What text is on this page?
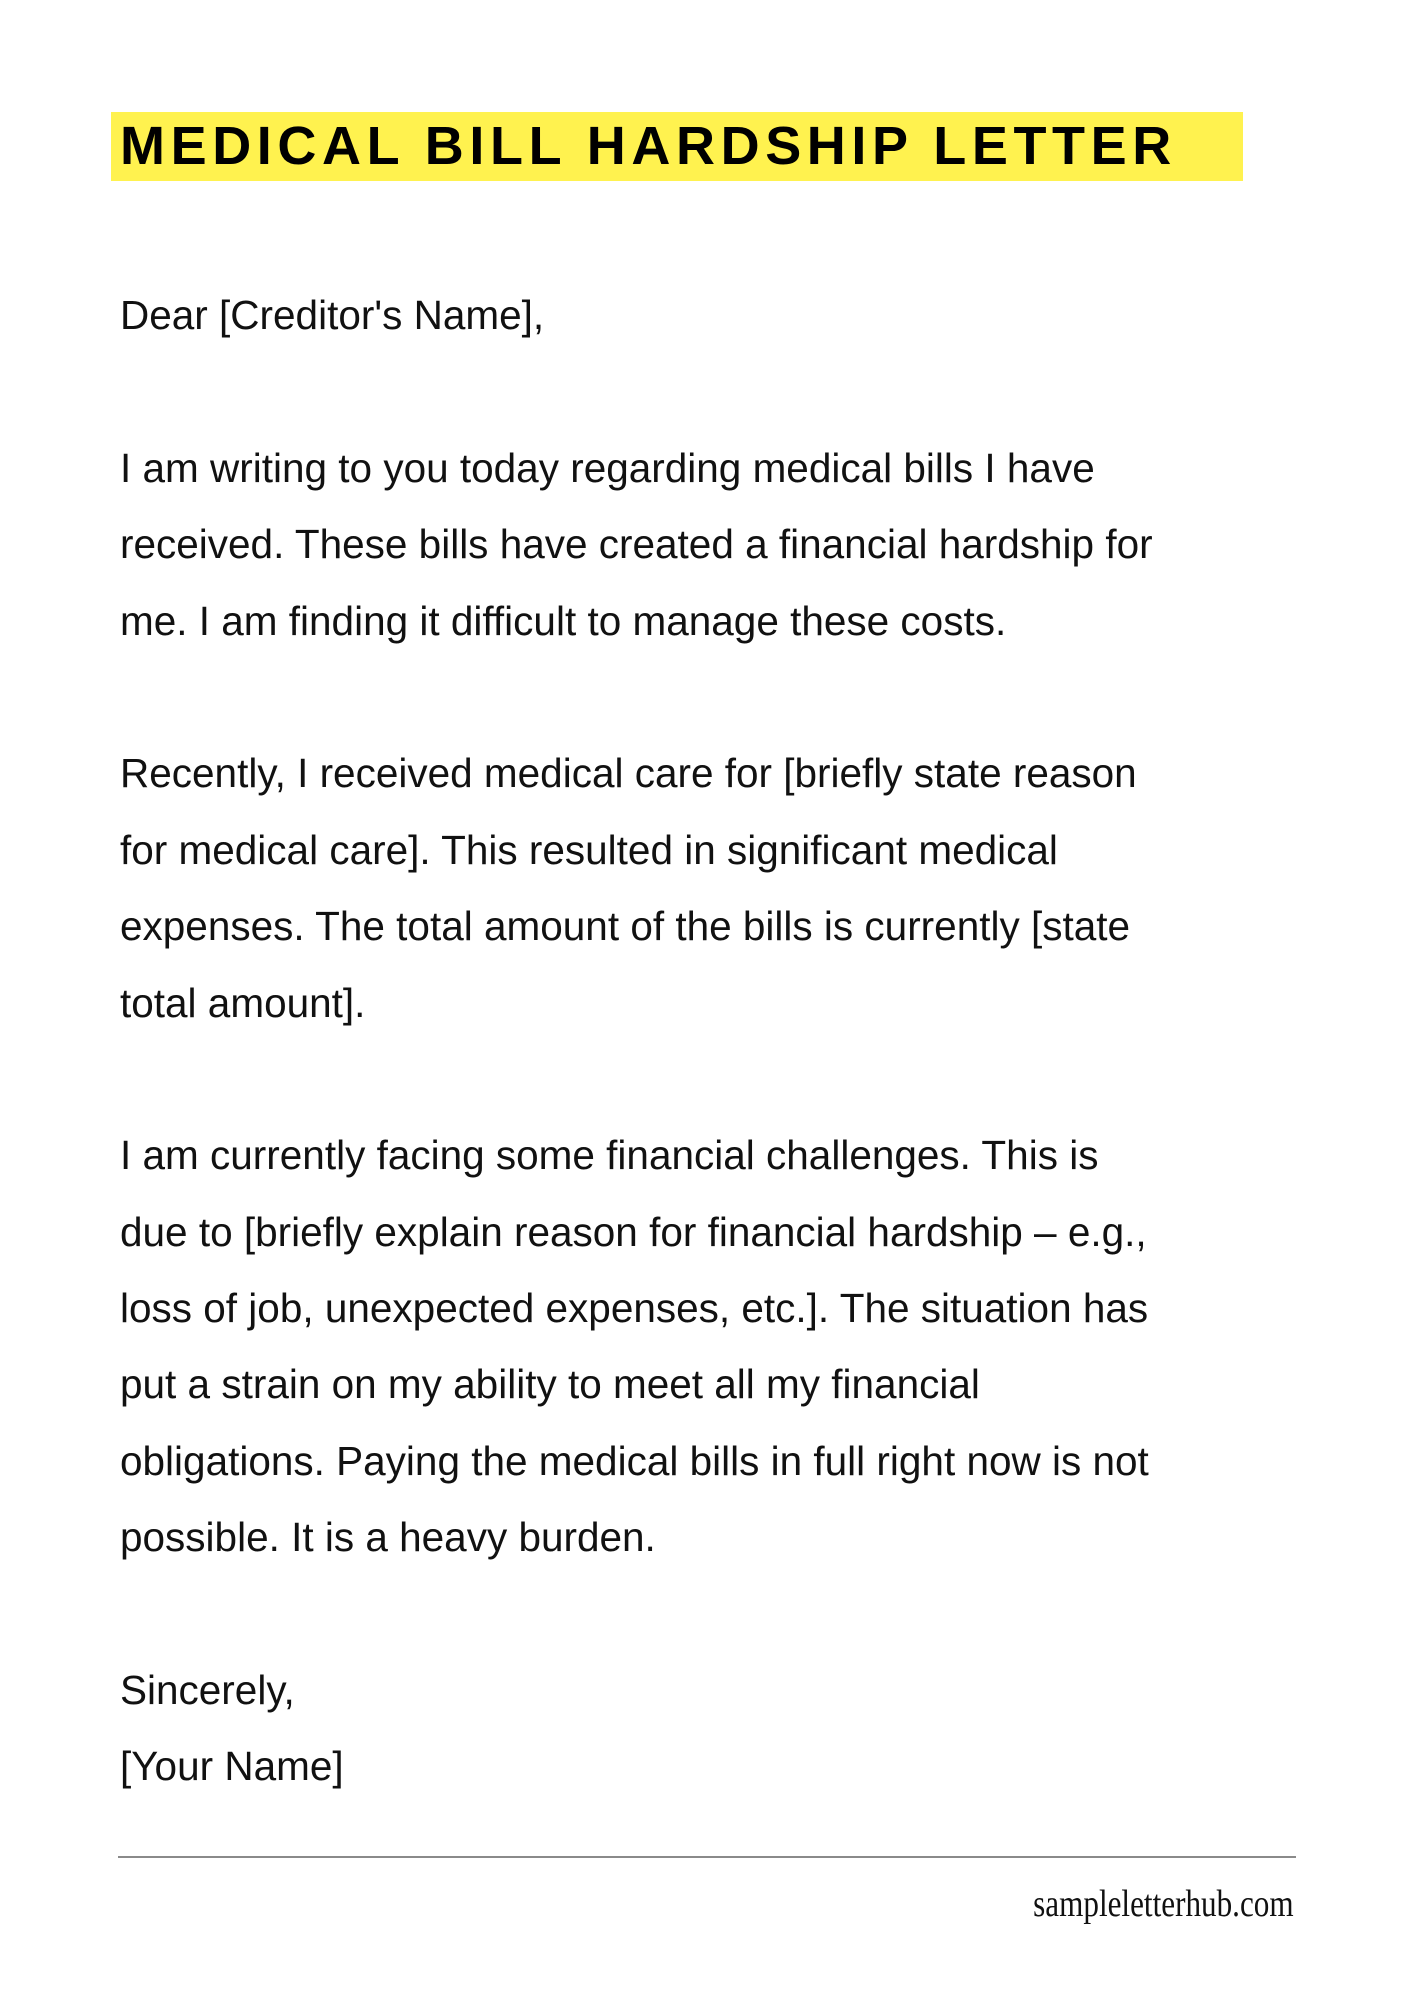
MEDICAL BILL HARDSHIP LETTER
Dear [Creditor's Name],
I am writing to you today regarding medical bills I have
received. These bills have created a financial hardship for
me. I am finding it difficult to manage these costs.
Recently, I received medical care for [briefly state reason
for medical care]. This resulted in significant medical
expenses. The total amount of the bills is currently [state
total amount].
I am currently facing some financial challenges. This is
due to [briefly explain reason for financial hardship – e.g.,
loss of job, unexpected expenses, etc.]. The situation has
put a strain on my ability to meet all my financial
obligations. Paying the medical bills in full right now is not
possible. It is a heavy burden.
Sincerely,
[Your Name]
sampleletterhub.com
